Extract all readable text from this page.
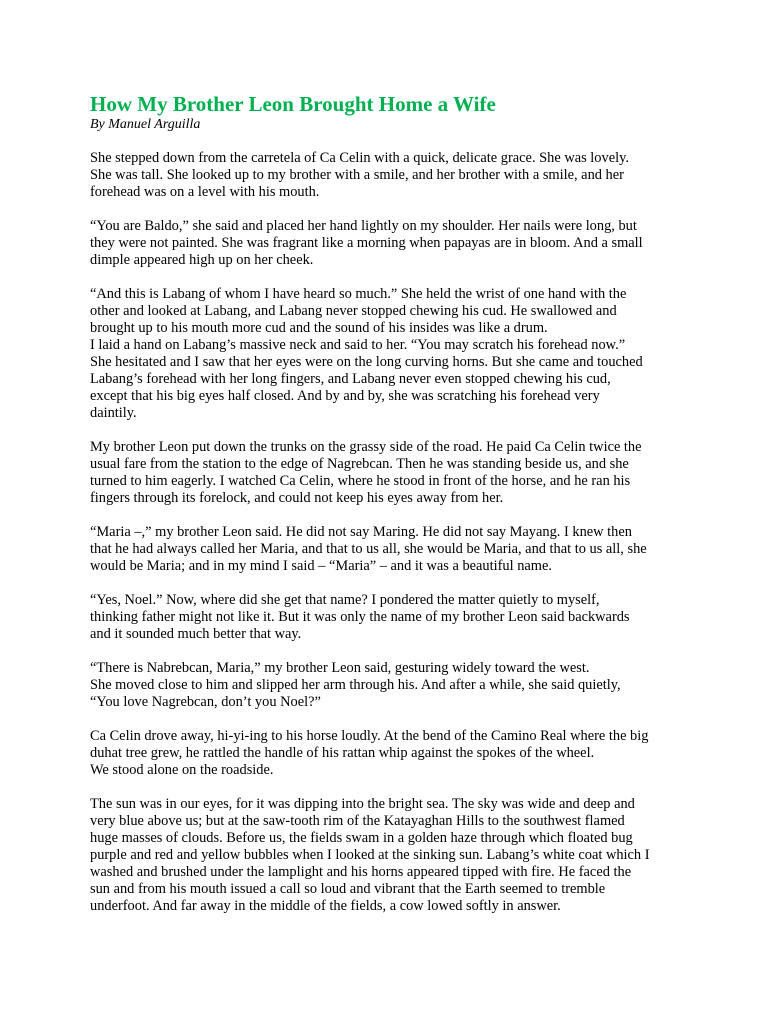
How My Brother Leon Brought Home a Wife

By Manuel Arguilla

She stepped down from the carretela of Ca Celin with a quick, delicate grace. She was lovely.
She was tall. She looked up to my brother with a smile, and her brother with a smile, and her
forehead was on a level with his mouth.

“You are Baldo,” she said and placed her hand lightly on my shoulder. Her nails were long, but
they were not painted. She was fragrant like a morning when papayas are in bloom. And a small
dimple appeared high up on her cheek.

“And this is Labang of whom I have heard so much.” She held the wrist of one hand with the
other and looked at Labang, and Labang never stopped chewing his cud. He swallowed and
brought up to his mouth more cud and the sound of his insides was like a drum.
I laid a hand on Labang’s massive neck and said to her. “You may scratch his forehead now.”
She hesitated and I saw that her eyes were on the long curving horns. But she came and touched
Labang’s forehead with her long fingers, and Labang never even stopped chewing his cud,
except that his big eyes half closed. And by and by, she was scratching his forehead very
daintily.

My brother Leon put down the trunks on the grassy side of the road. He paid Ca Celin twice the
usual fare from the station to the edge of Nagrebcan. Then he was standing beside us, and she
turned to him eagerly. I watched Ca Celin, where he stood in front of the horse, and he ran his
fingers through its forelock, and could not keep his eyes away from her.

“Maria –,” my brother Leon said. He did not say Maring. He did not say Mayang. I knew then
that he had always called her Maria, and that to us all, she would be Maria, and that to us all, she
would be Maria; and in my mind I said – “Maria” – and it was a beautiful name.

“Yes, Noel.” Now, where did she get that name? I pondered the matter quietly to myself,
thinking father might not like it. But it was only the name of my brother Leon said backwards
and it sounded much better that way.

“There is Nabrebcan, Maria,” my brother Leon said, gesturing widely toward the west.
She moved close to him and slipped her arm through his. And after a while, she said quietly,
“You love Nagrebcan, don’t you Noel?”

Ca Celin drove away, hi-yi-ing to his horse loudly. At the bend of the Camino Real where the big
duhat tree grew, he rattled the handle of his rattan whip against the spokes of the wheel.
We stood alone on the roadside.

The sun was in our eyes, for it was dipping into the bright sea. The sky was wide and deep and
very blue above us; but at the saw-tooth rim of the Katayaghan Hills to the southwest flamed
huge masses of clouds. Before us, the fields swam in a golden haze through which floated bug
purple and red and yellow bubbles when I looked at the sinking sun. Labang’s white coat which I
washed and brushed under the lamplight and his horns appeared tipped with fire. He faced the
sun and from his mouth issued a call so loud and vibrant that the Earth seemed to tremble
underfoot. And far away in the middle of the fields, a cow lowed softly in answer.
